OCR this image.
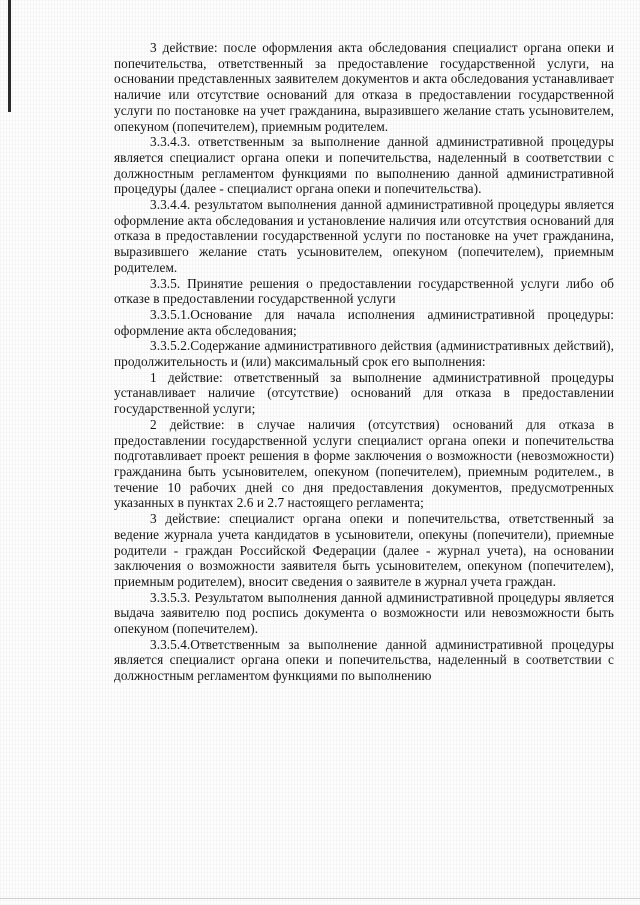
3 действие: после оформления акта обследования специалист органа опеки и попечительства, ответственный за предоставление государственной услуги, на основании представленных заявителем документов и акта обследования устанавливает наличие или отсутствие оснований для отказа в предоставлении государственной услуги по постановке на учет гражданина, выразившего желание стать усыновителем, опекуном (попечителем), приемным родителем.

3.3.4.3. ответственным за выполнение данной административной процедуры является специалист органа опеки и попечительства, наделенный в соответствии с должностным регламентом функциями по выполнению данной административной процедуры (далее - специалист органа опеки и попечительства).

3.3.4.4. результатом выполнения данной административной процедуры является оформление акта обследования и установление наличия или отсутствия оснований для отказа в предоставлении государственной услуги по постановке на учет гражданина, выразившего желание стать усыновителем, опекуном (попечителем), приемным родителем.

3.3.5. Принятие решения о предоставлении государственной услуги либо об отказе в предоставлении государственной услуги

3.3.5.1.Основание для начала исполнения административной процедуры: оформление акта обследования;

3.3.5.2.Содержание административного действия (административных действий), продолжительность и (или) максимальный срок его выполнения:

1 действие: ответственный за выполнение административной процедуры устанавливает наличие (отсутствие) оснований для отказа в предоставлении государственной услуги;

2 действие: в случае наличия (отсутствия) оснований для отказа в предоставлении государственной услуги специалист органа опеки и попечительства подготавливает проект решения в форме заключения о возможности (невозможности) гражданина быть усыновителем, опекуном (попечителем), приемным родителем., в течение 10 рабочих дней со дня предоставления документов, предусмотренных указанных в пунктах 2.6 и 2.7 настоящего регламента;

3 действие: специалист органа опеки и попечительства, ответственный за ведение журнала учета кандидатов в усыновители, опекуны (попечители), приемные родители - граждан Российской Федерации (далее - журнал учета), на основании заключения о возможности заявителя быть усыновителем, опекуном (попечителем), приемным родителем), вносит сведения о заявителе в журнал учета граждан.

3.3.5.3. Результатом выполнения данной административной процедуры является выдача заявителю под роспись документа о возможности или невозможности быть опекуном (попечителем).

3.3.5.4.Ответственным за выполнение данной административной процедуры является специалист органа опеки и попечительства, наделенный в соответствии с должностным регламентом функциями по выполнению
